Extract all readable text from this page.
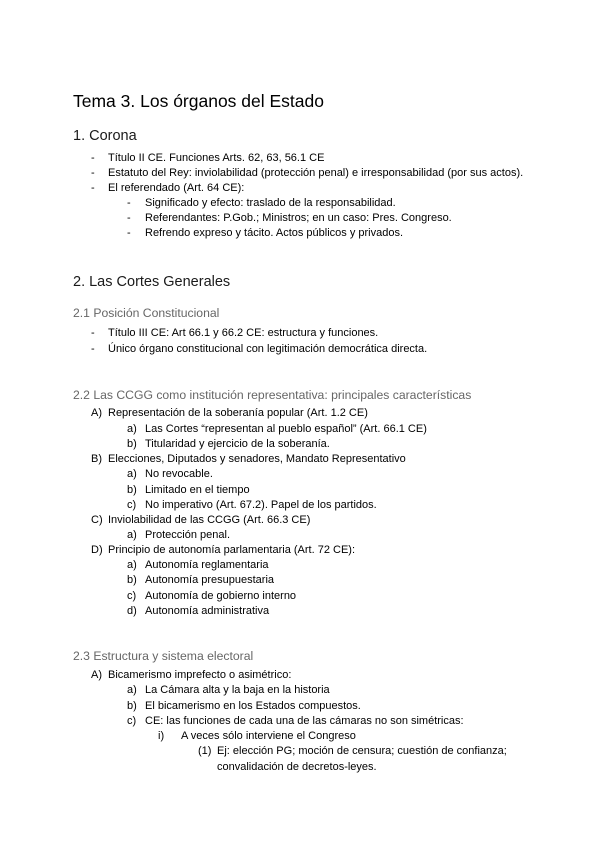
Tema 3. Los órganos del Estado
1. Corona
- Título II CE. Funciones Arts. 62, 63, 56.1 CE
- Estatuto del Rey: inviolabilidad (protección penal) e irresponsabilidad (por sus actos).
- El referendado (Art. 64 CE):
- Significado y efecto: traslado de la responsabilidad.
- Referendantes: P.Gob.; Ministros; en un caso: Pres. Congreso.
- Refrendo expreso y tácito. Actos públicos y privados.
2. Las Cortes Generales
2.1 Posición Constitucional
- Título III CE: Art 66.1 y 66.2 CE: estructura y funciones.
- Único órgano constitucional con legitimación democrática directa.
2.2 Las CCGG como institución representativa: principales características
A) Representación de la soberanía popular (Art. 1.2 CE)
a) Las Cortes “representan al pueblo español” (Art. 66.1 CE)
b) Titularidad y ejercicio de la soberanía.
B) Elecciones, Diputados y senadores, Mandato Representativo
a) No revocable.
b) Limitado en el tiempo
c) No imperativo (Art. 67.2). Papel de los partidos.
C) Inviolabilidad de las CCGG (Art. 66.3 CE)
a) Protección penal.
D) Principio de autonomía parlamentaria (Art. 72 CE):
a) Autonomía reglamentaria
b) Autonomía presupuestaria
c) Autonomía de gobierno interno
d) Autonomía administrativa
2.3 Estructura y sistema electoral
A) Bicamerismo imprefecto o asimétrico:
a) La Cámara alta y la baja en la historia
b) El bicamerismo en los Estados compuestos.
c) CE: las funciones de cada una de las cámaras no son simétricas:
i) A veces sólo interviene el Congreso
(1) Ej: elección PG; moción de censura; cuestión de confianza;
convalidación de decretos-leyes.
